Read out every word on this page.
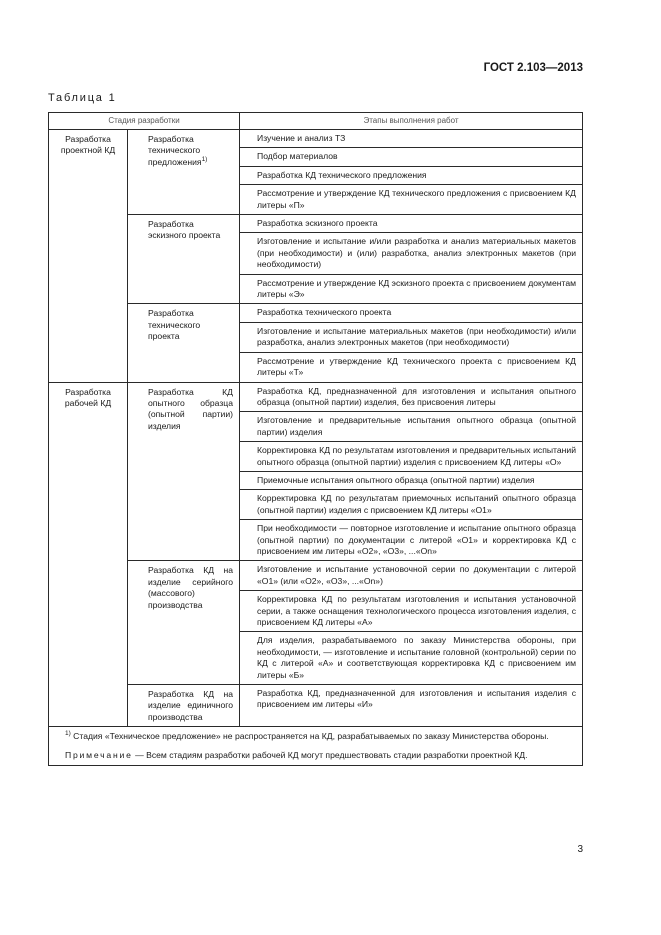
ГОСТ 2.103—2013
Таблица 1
Стадия разработки		Этапы выполнения работ
Разработка проектной КД	Разработка технического предложения$^{1)}$	Изучение и анализ ТЗ
		Подбор материалов
		Разработка КД технического предложения
		Рассмотрение и утверждение КД технического предложения с присвоением КД литеры «П»
	Разработка эскизного проекта	Разработка эскизного проекта
		Изготовление и испытание и/или разработка и анализ материальных макетов (при необходимости) и (или) разработка, анализ электронных макетов (при необходимости)
		Рассмотрение и утверждение КД эскизного проекта с присвоением документам литеры «Э»
	Разработка технического проекта	Разработка технического проекта
		Изготовление и испытание материальных макетов (при необходимости) и/или разработка, анализ электронных макетов (при необходимости)
		Рассмотрение и утверждение КД технического проекта с присвоением КД литеры «Т»
Разработка рабочей КД	Разработка КД опытного образца (опытной партии) изделия	Разработка КД, предназначенной для изготовления и испытания опытного образца (опытной партии) изделия, без присвоения литеры
		Изготовление и предварительные испытания опытного образца (опытной партии) изделия
		Корректировка КД по результатам изготовления и предварительных испытаний опытного образца (опытной партии) изделия с присвоением КД литеры «О»
		Приемочные испытания опытного образца (опытной партии) изделия
		Корректировка КД по результатам приемочных испытаний опытного образца (опытной партии) изделия с присвоением КД литеры «О1»
		При необходимости — повторное изготовление и испытание опытного образца (опытной партии) по документации с литерой «О1» и корректировка КД с присвоением им литеры «О2», «О3», ...«Оn»
	Разработка КД на изделие серийного (массового) производства	Изготовление и испытание установочной серии по документации с литерой «О1» (или «О2», «О3», ...«Оn»)
		Корректировка КД по результатам изготовления и испытания установочной серии, а также оснащения технологического процесса изготовления изделия, с присвоением КД литеры «А»
		Для изделия, разрабатываемого по заказу Министерства обороны, при необходимости, — изготовление и испытание головной (контрольной) серии по КД с литерой «А» и соответствующая корректировка КД с присвоением им литеры «Б»
	Разработка КД на изделие единичного производства	Разработка КД, предназначенной для изготовления и испытания изделия с присвоением им литеры «И»

$^{1)}$ Стадия «Техническое предложение» не распространяется на КД, разрабатываемых по заказу Министерства обороны.
Примечание — Всем стадиям разработки рабочей КД могут предшествовать стадии разработки проектной КД.		
3
